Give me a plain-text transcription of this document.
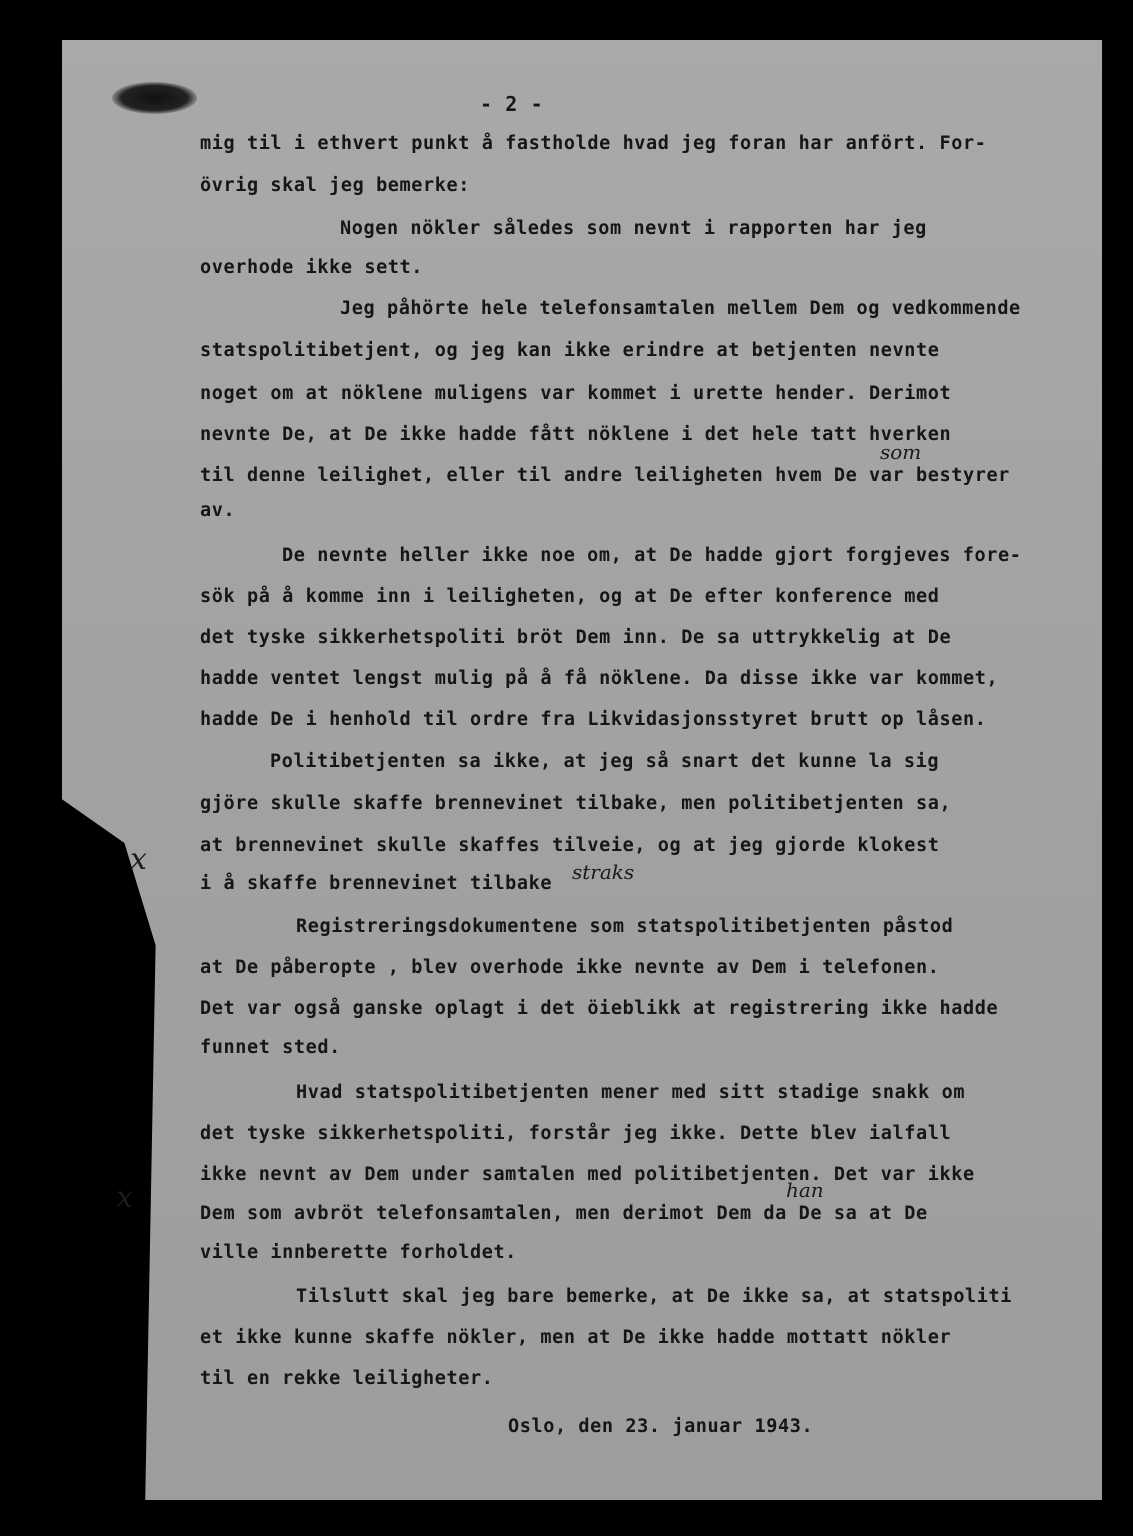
- 2 -
mig til i ethvert punkt å fastholde hvad jeg foran har anfört. For-
övrig skal jeg bemerke:
Nogen nökler således som nevnt i rapporten har jeg
overhode ikke sett.
Jeg påhörte hele telefonsamtalen mellem Dem og vedkommende
statspolitibetjent, og jeg kan ikke erindre at betjenten nevnte
noget om at nöklene muligens var kommet i urette hender. Derimot
nevnte De, at De ikke hadde fått nöklene i det hele tatt hverken
til denne leilighet, eller til andre leiligheten hvem De var bestyrer
av.
De nevnte heller ikke noe om, at De hadde gjort forgjeves fore-
sök på å komme inn i leiligheten, og at De efter konference med
det tyske sikkerhetspoliti bröt Dem inn. De sa uttrykkelig at De
hadde ventet lengst mulig på å få nöklene. Da disse ikke var kommet,
hadde De i henhold til ordre fra Likvidasjonsstyret brutt op låsen.
Politibetjenten sa ikke, at jeg så snart det kunne la sig
gjöre skulle skaffe brennevinet tilbake, men politibetjenten sa,
at brennevinet skulle skaffes tilveie, og at jeg gjorde klokest
i å skaffe brennevinet tilbake
Registreringsdokumentene som statspolitibetjenten påstod
at De påberopte , blev overhode ikke nevnte av Dem i telefonen.
Det var også ganske oplagt i det öieblikk at registrering ikke hadde
funnet sted.
Hvad statspolitibetjenten mener med sitt stadige snakk om
det tyske sikkerhetspoliti, forstår jeg ikke. Dette blev ialfall
ikke nevnt av Dem under samtalen med politibetjenten. Det var ikke
Dem som avbröt telefonsamtalen, men derimot Dem da De sa at De
ville innberette forholdet.
Tilslutt skal jeg bare bemerke, at De ikke sa, at statspoliti
et ikke kunne skaffe nökler, men at De ikke hadde mottatt nökler
til en rekke leiligheter.
Oslo, den 23. januar 1943.
som
straks
han
x
x
